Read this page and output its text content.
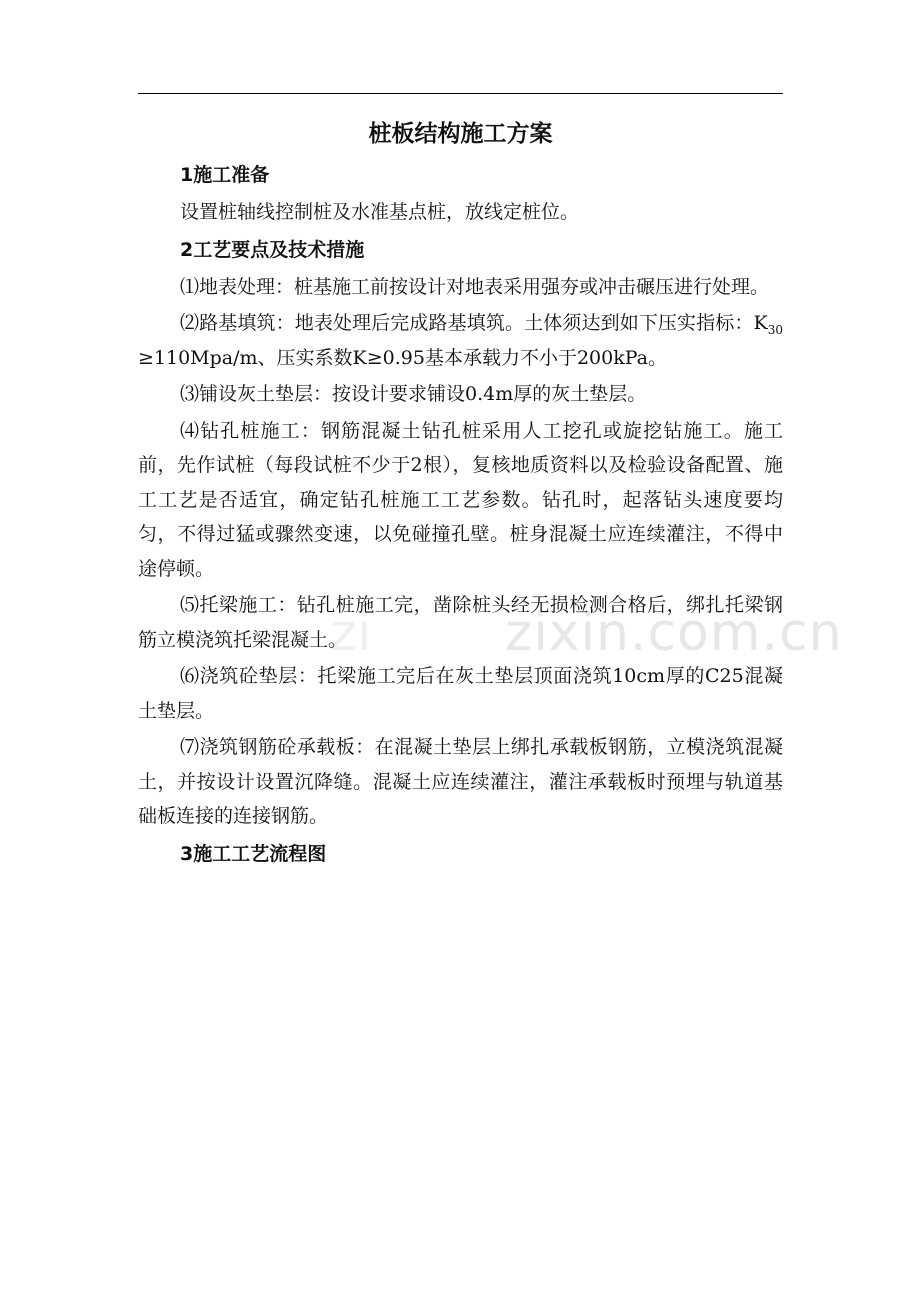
zi	zixin.com.cn
桩板结构施工方案
1施工准备

设置桩轴线控制桩及水准基点桩，放线定桩位。

2工艺要点及技术措施

⑴地表处理：桩基施工前按设计对地表采用强夯或冲击碾压进行处理。

⑵路基填筑：地表处理后完成路基填筑。土体须达到如下压实指标：$K_{30}\ge 110Mpa/m$、压实系数K≥0.95基本承载力不小于200kPa。

⑶铺设灰土垫层：按设计要求铺设0.4m厚的灰土垫层。

⑷钻孔桩施工：钢筋混凝土钻孔桩采用人工挖孔或旋挖钻施工。施工前，先作试桩（每段试桩不少于2根），复核地质资料以及检验设备配置、施工工艺是否适宜，确定钻孔桩施工工艺参数。钻孔时，起落钻头速度要均匀，不得过猛或骤然变速，以免碰撞孔壁。桩身混凝土应连续灌注，不得中途停顿。

⑸托梁施工：钻孔桩施工完，凿除桩头经无损检测合格后，绑扎托梁钢筋立模浇筑托梁混凝土。

⑹浇筑砼垫层：托梁施工完后在灰土垫层顶面浇筑10cm厚的C25混凝土垫层。

⑺浇筑钢筋砼承载板：在混凝土垫层上绑扎承载板钢筋，立模浇筑混凝土，并按设计设置沉降缝。混凝土应连续灌注，灌注承载板时预埋与轨道基础板连接的连接钢筋。

3施工工艺流程图
